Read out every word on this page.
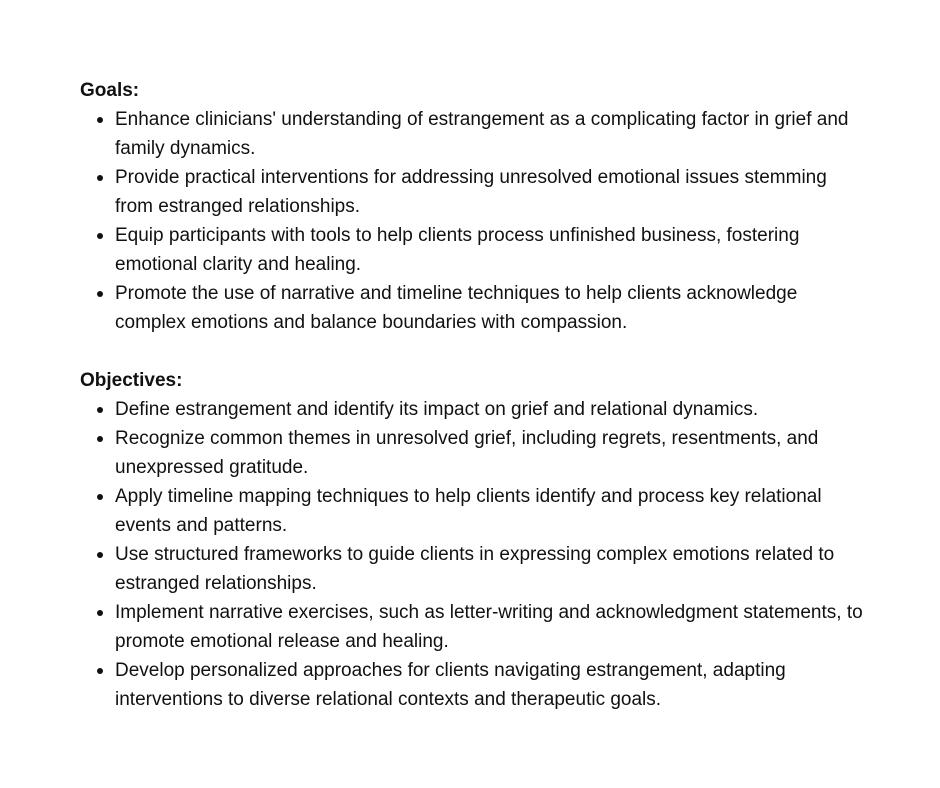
Goals:

Enhance clinicians' understanding of estrangement as a complicating factor in grief and family dynamics.
Provide practical interventions for addressing unresolved emotional issues stemming from estranged relationships.
Equip participants with tools to help clients process unfinished business, fostering emotional clarity and healing.
Promote the use of narrative and timeline techniques to help clients acknowledge complex emotions and balance boundaries with compassion.

Objectives:

Define estrangement and identify its impact on grief and relational dynamics.
Recognize common themes in unresolved grief, including regrets, resentments, and unexpressed gratitude.
Apply timeline mapping techniques to help clients identify and process key relational events and patterns.
Use structured frameworks to guide clients in expressing complex emotions related to estranged relationships.
Implement narrative exercises, such as letter-writing and acknowledgment statements, to promote emotional release and healing.
Develop personalized approaches for clients navigating estrangement, adapting interventions to diverse relational contexts and therapeutic goals.
